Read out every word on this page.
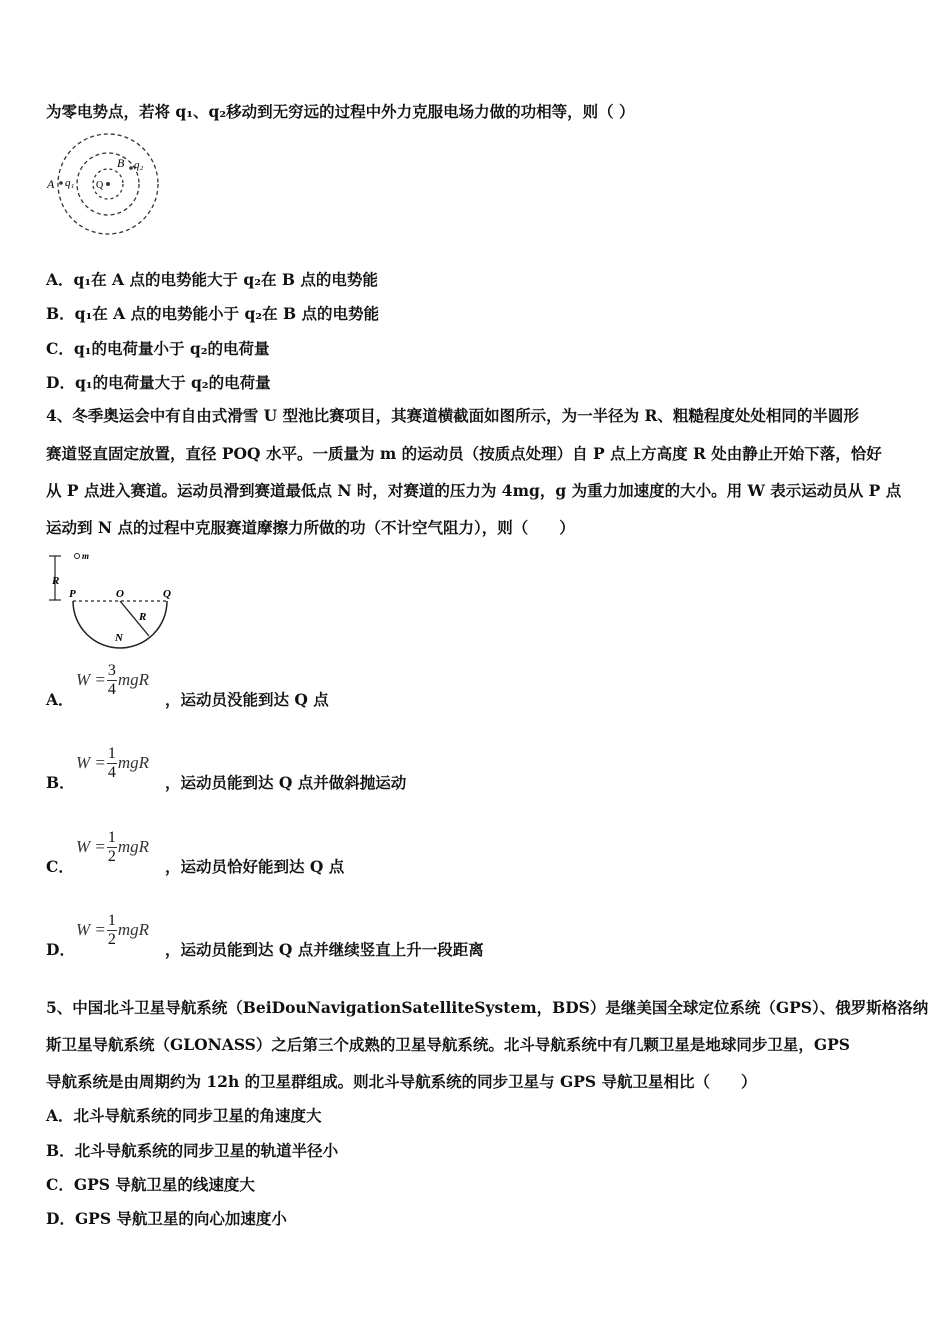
为零电势点，若将 q₁、q₂移动到无穷远的过程中外力克服电场力做的功相等，则（ ）
A q₁
B q₂
Q
A．q₁在 A 点的电势能大于 q₂在 B 点的电势能
B．q₁在 A 点的电势能小于 q₂在 B 点的电势能
C．q₁的电荷量小于 q₂的电荷量
D．q₁的电荷量大于 q₂的电荷量
4、冬季奥运会中有自由式滑雪 U 型池比赛项目，其赛道横截面如图所示，为一半径为 R、粗糙程度处处相同的半圆形
赛道竖直固定放置，直径 POQ 水平。一质量为 m 的运动员（按质点处理）自 P 点上方高度 R 处由静止开始下落，恰好
从 P 点进入赛道。运动员滑到赛道最低点 N 时，对赛道的压力为 4mg，g 为重力加速度的大小。用 W 表示运动员从 P 点
运动到 N 点的过程中克服赛道摩擦力所做的功（不计空气阻力），则（　　）
R
m
P	O	Q
R
N
A．
$W = \frac{3}{4}$ mgR
，运动员没能到达 Q 点
B．
$W = \frac{1}{4}$ mgR
，运动员能到达 Q 点并做斜抛运动
C．
$W = \frac{1}{2}$ mgR
，运动员恰好能到达 Q 点
D．
$W = \frac{1}{2}$ mgR
，运动员能到达 Q 点并继续竖直上升一段距离
5、中国北斗卫星导航系统（BeiDouNavigationSatelliteSystem，BDS）是继美国全球定位系统（GPS）、俄罗斯格洛纳
斯卫星导航系统（GLONASS）之后第三个成熟的卫星导航系统。北斗导航系统中有几颗卫星是地球同步卫星，GPS
导航系统是由周期约为 12h 的卫星群组成。则北斗导航系统的同步卫星与 GPS 导航卫星相比（　　）
A．北斗导航系统的同步卫星的角速度大
B．北斗导航系统的同步卫星的轨道半径小
C．GPS 导航卫星的线速度大
D．GPS 导航卫星的向心加速度小
